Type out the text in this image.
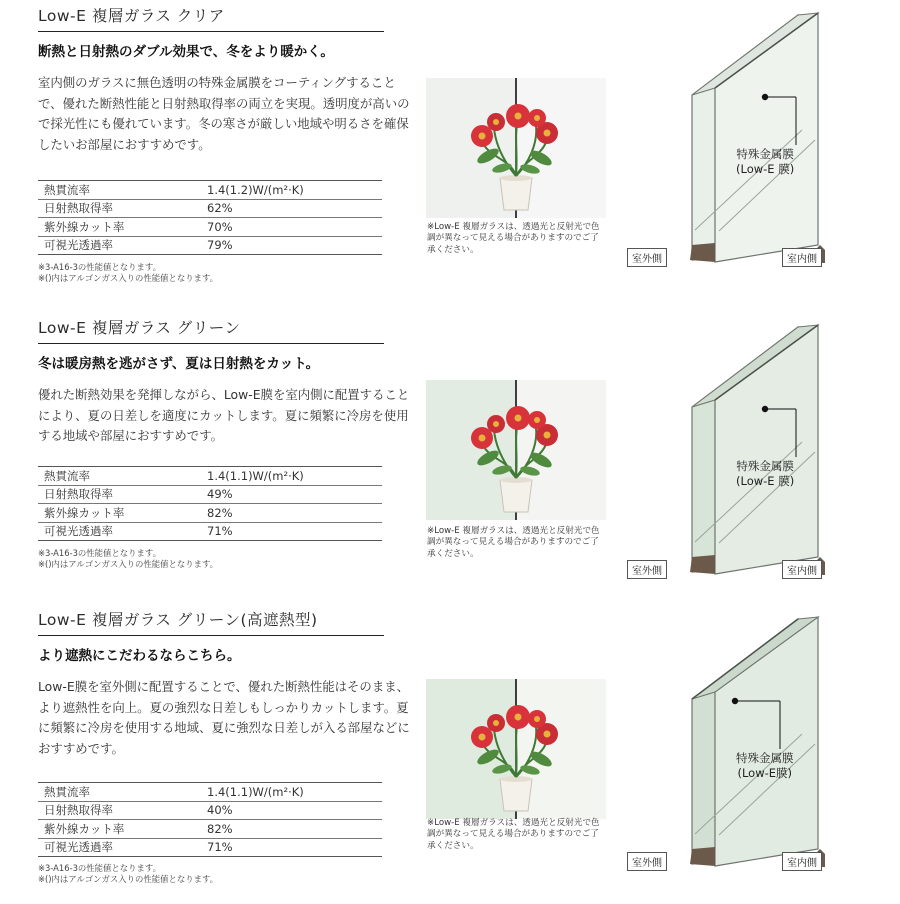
Low-E 複層ガラス クリア
断熱と日射熱のダブル効果で、冬をより暖かく。
室内側のガラスに無色透明の特殊金属膜をコーティングすることで、優れた断熱性能と日射熱取得率の両立を実現。透明度が高いので採光性にも優れています。冬の寒さが厳しい地域や明るさを確保したいお部屋におすすめです。
熱貫流率	1.4(1.2)W/(m²·K)
日射熱取得率	62%
紫外線カット率	70%
可視光透過率	79%
※3-A16-3の性能値となります。
※()内はアルゴンガス入りの性能値となります。
※Low-E 複層ガラスは、透過光と反射光で色調が異なって見える場合がありますのでご了承ください。
特殊金属膜
(Low-E 膜)
室外側	室内側
Low-E 複層ガラス グリーン
冬は暖房熱を逃がさず、夏は日射熱をカット。
優れた断熱効果を発揮しながら、Low-E膜を室内側に配置することにより、夏の日差しを適度にカットします。夏に頻繁に冷房を使用する地域や部屋におすすめです。
熱貫流率	1.4(1.1)W/(m²·K)
日射熱取得率	49%
紫外線カット率	82%
可視光透過率	71%
※3-A16-3の性能値となります。
※()内はアルゴンガス入りの性能値となります。
※Low-E 複層ガラスは、透過光と反射光で色調が異なって見える場合がありますのでご了承ください。
特殊金属膜
(Low-E 膜)
室外側	室内側
Low-E 複層ガラス グリーン(高遮熱型)
より遮熱にこだわるならこちら。
Low-E膜を室外側に配置することで、優れた断熱性能はそのまま、より遮熱性を向上。夏の強烈な日差しもしっかりカットします。夏に頻繁に冷房を使用する地域、夏に強烈な日差しが入る部屋などにおすすめです。
熱貫流率	1.4(1.1)W/(m²·K)
日射熱取得率	40%
紫外線カット率	82%
可視光透過率	71%
※3-A16-3の性能値となります。
※()内はアルゴンガス入りの性能値となります。
※Low-E 複層ガラスは、透過光と反射光で色調が異なって見える場合がありますのでご了承ください。
特殊金属膜
(Low-E膜)
室外側	室内側
